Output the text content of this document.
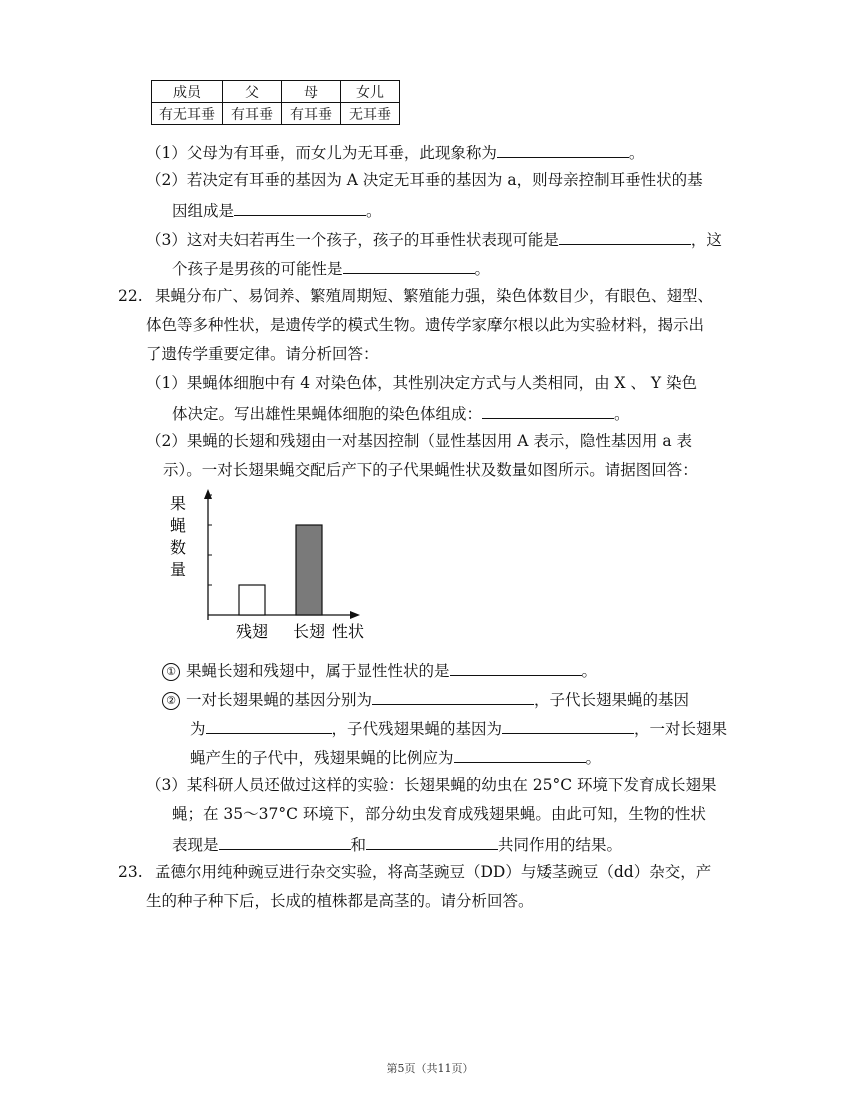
成员	父	母	女儿
有无耳垂	有耳垂	有耳垂	无耳垂
（1）父母为有耳垂，而女儿为无耳垂，此现象称为	。
（2）若决定有耳垂的基因为 A 决定无耳垂的基因为 a，则母亲控制耳垂性状的基
因组成是	。
（3）这对夫妇若再生一个孩子，孩子的耳垂性状表现可能是	，这
个孩子是男孩的可能性是	。
22. 果蝇分布广、易饲养、繁殖周期短、繁殖能力强，染色体数目少，有眼色、翅型、
体色等多种性状，是遗传学的模式生物。遗传学家摩尔根以此为实验材料，揭示出
了遗传学重要定律。请分析回答：
（1）果蝇体细胞中有 4 对染色体，其性别决定方式与人类相同，由 X 、 Y 染色
体决定。写出雄性果蝇体细胞的染色体组成：	。
（2）果蝇的长翅和残翅由一对基因控制（显性基因用 A 表示，隐性基因用 a 表
示）。一对长翅果蝇交配后产下的子代果蝇性状及数量如图所示。请据图回答：
果
蝇
数
量
残翅 长翅 性状
① 果蝇长翅和残翅中，属于显性性状的是	。
② 一对长翅果蝇的基因分别为	，子代长翅果蝇的基因
为	，子代残翅果蝇的基因为	，一对长翅果
蝇产生的子代中，残翅果蝇的比例应为	。
（3）某科研人员还做过这样的实验：长翅果蝇的幼虫在 25°C 环境下发育成长翅果
蝇；在 35～37°C 环境下，部分幼虫发育成残翅果蝇。由此可知，生物的性状
表现是	和	共同作用的结果。
23. 孟德尔用纯种豌豆进行杂交实验，将高茎豌豆（DD）与矮茎豌豆（dd）杂交，产
生的种子种下后，长成的植株都是高茎的。请分析回答。
第5页（共11页）
